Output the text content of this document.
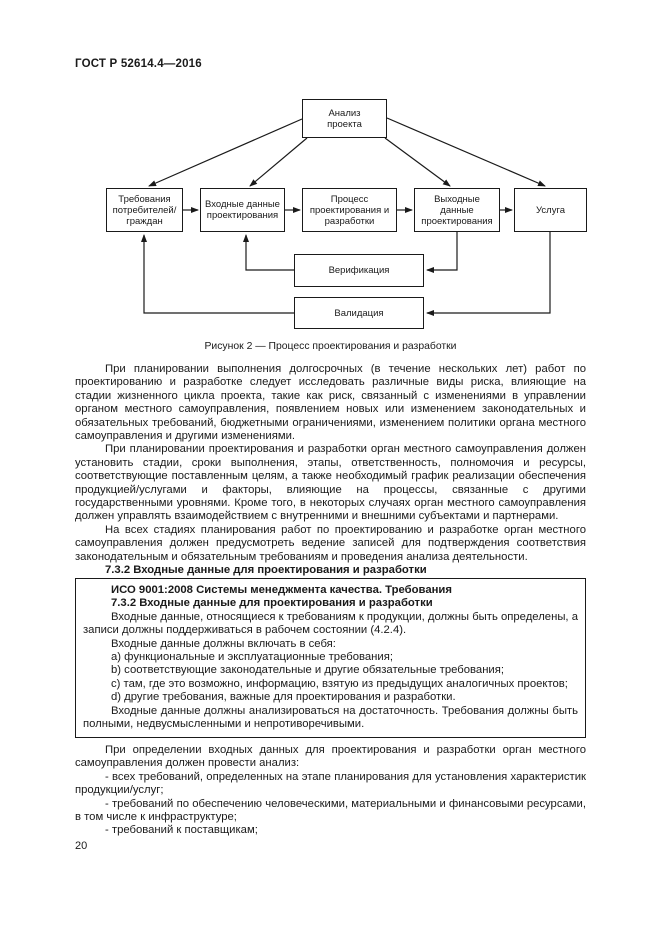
ГОСТ Р 52614.4—2016
Анализ проекта
Требования потребителей/ граждан
Входные данные проектирования
Процесс проектирования и разработки
Выходные данные проектирования
Услуга
Верификация
Валидация
Рисунок 2 — Процесс проектирования и разработки

При планировании выполнения долгосрочных (в течение нескольких лет) работ по проектированию и разработке следует исследовать различные виды риска, влияющие на стадии жизненного цикла проекта, такие как риск, связанный с изменениями в управлении органом местного самоуправления, появлением новых или изменением законодательных и обязательных требований, бюджетными ограничениями, изменением политики органа местного самоуправления и другими изменениями.

При планировании проектирования и разработки орган местного самоуправления должен установить стадии, сроки выполнения, этапы, ответственность, полномочия и ресурсы, соответствующие поставленным целям, а также необходимый график реализации обеспечения продукцией/услугами и факторы, влияющие на процессы, связанные с другими государственными уровнями. Кроме того, в некоторых случаях орган местного самоуправления должен управлять взаимодействием с внутренними и внешними субъектами и партнерами.

На всех стадиях планирования работ по проектированию и разработке орган местного самоуправления должен предусмотреть ведение записей для подтверждения соответствия законодательным и обязательным требованиям и проведения анализа деятельности.

7.3.2 Входные данные для проектирования и разработки

ИСО 9001:2008 Системы менеджмента качества. Требования

7.3.2 Входные данные для проектирования и разработки

Входные данные, относящиеся к требованиям к продукции, должны быть определены, а записи должны поддерживаться в рабочем состоянии (4.2.4).

Входные данные должны включать в себя:

a) функциональные и эксплуатационные требования;

b) соответствующие законодательные и другие обязательные требования;

c) там, где это возможно, информацию, взятую из предыдущих аналогичных проектов;

d) другие требования, важные для проектирования и разработки.

Входные данные должны анализироваться на достаточность. Требования должны быть полными, недвусмысленными и непротиворечивыми.

При определении входных данных для проектирования и разработки орган местного самоуправления должен провести анализ:

- всех требований, определенных на этапе планирования для установления характеристик продукции/услуг;

- требований по обеспечению человеческими, материальными и финансовыми ресурсами, в том числе к инфраструктуре;

- требований к поставщикам;

20
